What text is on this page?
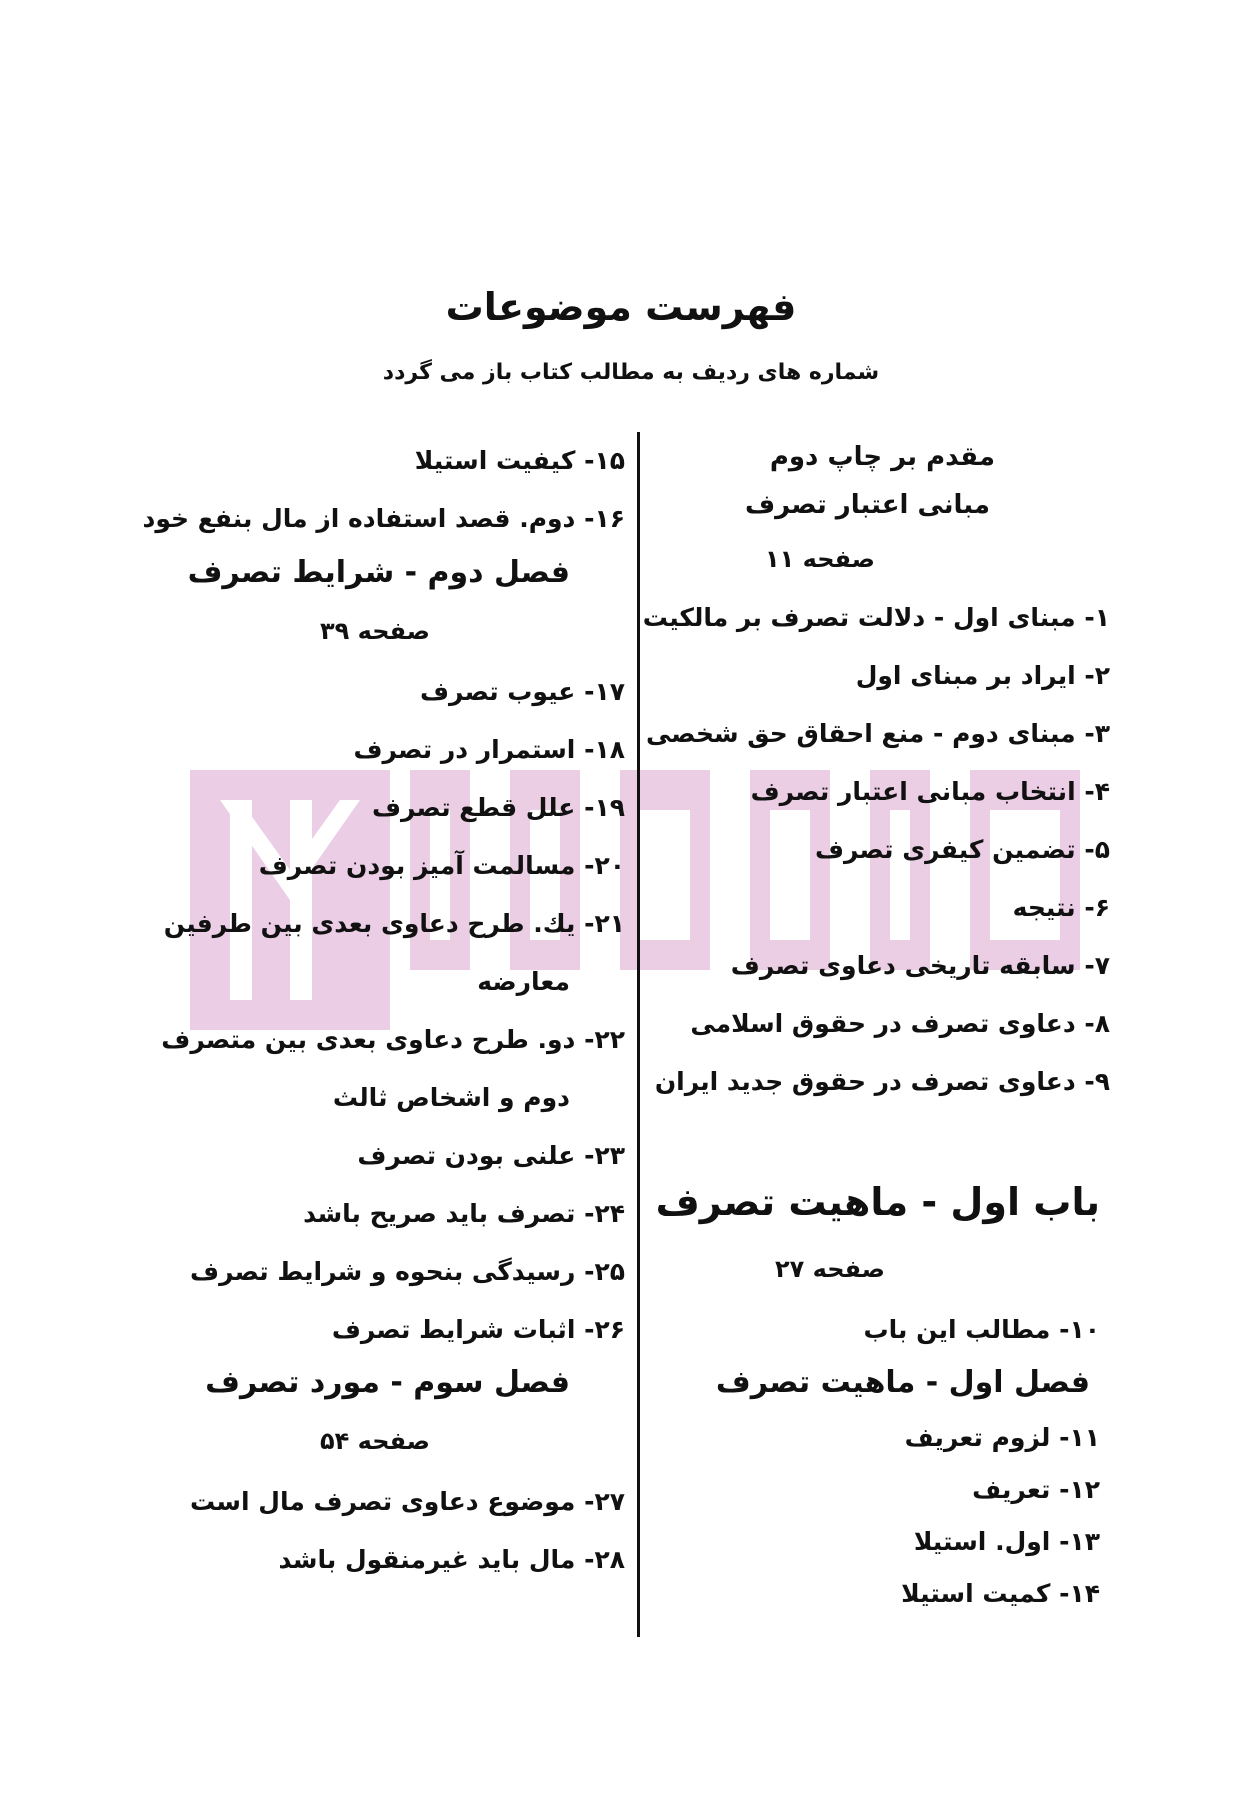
فهرست موضوعات
شماره های ردیف به مطالب کتاب باز می گردد
مقدم بر چاپ دوم
مبانی اعتبار تصرف
صفحه ۱۱
۱- مبنای اول - دلالت تصرف بر مالکیت
۲- ایراد بر مبنای اول
۳- مبنای دوم - منع احقاق حق شخصی
۴- انتخاب مبانی اعتبار تصرف
۵- تضمین کیفری تصرف
۶- نتیجه
۷- سابقه تاریخی دعاوی تصرف
۸- دعاوی تصرف در حقوق اسلامی
۹- دعاوی تصرف در حقوق جدید ایران
باب اول - ماهیت تصرف
صفحه ۲۷
۱۰- مطالب این باب
فصل اول - ماهیت تصرف
۱۱- لزوم تعریف
۱۲- تعریف
۱۳- اول. استیلا
۱۴- کمیت استیلا
۱۵- کیفیت استیلا
۱۶- دوم. قصد استفاده از مال بنفع خود
فصل دوم - شرایط تصرف
صفحه ۳۹
۱۷- عیوب تصرف
۱۸- استمرار در تصرف
۱۹- علل قطع تصرف
۲۰- مسالمت آمیز بودن تصرف
۲۱- یك. طرح دعاوی بعدی بین طرفین
معارضه
۲۲- دو. طرح دعاوی بعدی بین متصرف
دوم و اشخاص ثالث
۲۳- علنی بودن تصرف
۲۴- تصرف باید صریح باشد
۲۵- رسیدگی بنحوه و شرایط تصرف
۲۶- اثبات شرایط تصرف
فصل سوم - مورد تصرف
صفحه ۵۴
۲۷- موضوع دعاوی تصرف مال است
۲۸- مال باید غیرمنقول باشد
